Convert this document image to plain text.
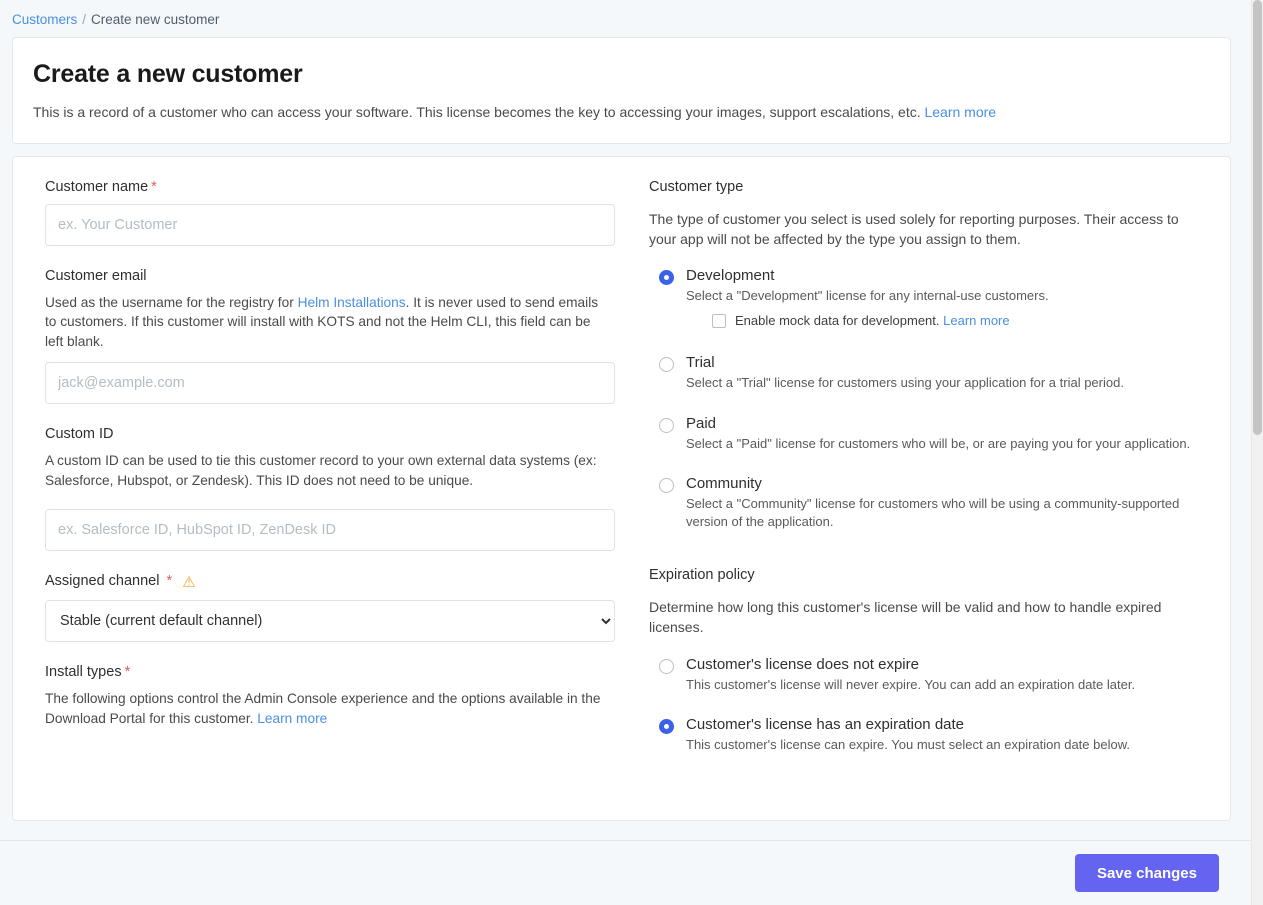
Customers / Create new customer
Create a new customer
This is a record of a customer who can access your software. This license becomes the key to accessing your images, support escalations, etc. Learn more
Customer name *
ex. Your Customer
Customer email

Used as the username for the registry for Helm Installations. It is never used to send emails to customers. If this customer will install with KOTS and not the Helm CLI, this field can be left blank.

jack@example.com
Custom ID

A custom ID can be used to tie this customer record to your own external data systems (ex: Salesforce, Hubspot, or Zendesk). This ID does not need to be unique.

ex. Salesforce ID, HubSpot ID, ZenDesk ID
Assigned channel * ⚠
Stable (current default channel)
Install types *

The following options control the Admin Console experience and the options available in the Download Portal for this customer. Learn more

Customer type

The type of customer you select is used solely for reporting purposes. Their access to your app will not be affected by the type you assign to them.

Development
Select a "Development" license for any internal-use customers.
Enable mock data for development. Learn more
Trial
Select a "Trial" license for customers using your application for a trial period.
Paid
Select a "Paid" license for customers who will be, or are paying you for your application.
Community
Select a "Community" license for customers who will be using a community-supported version of the application.
Expiration policy

Determine how long this customer's license will be valid and how to handle expired licenses.

Customer's license does not expire
This customer's license will never expire. You can add an expiration date later.
Customer's license has an expiration date
This customer's license can expire. You must select an expiration date below.
Save changes
